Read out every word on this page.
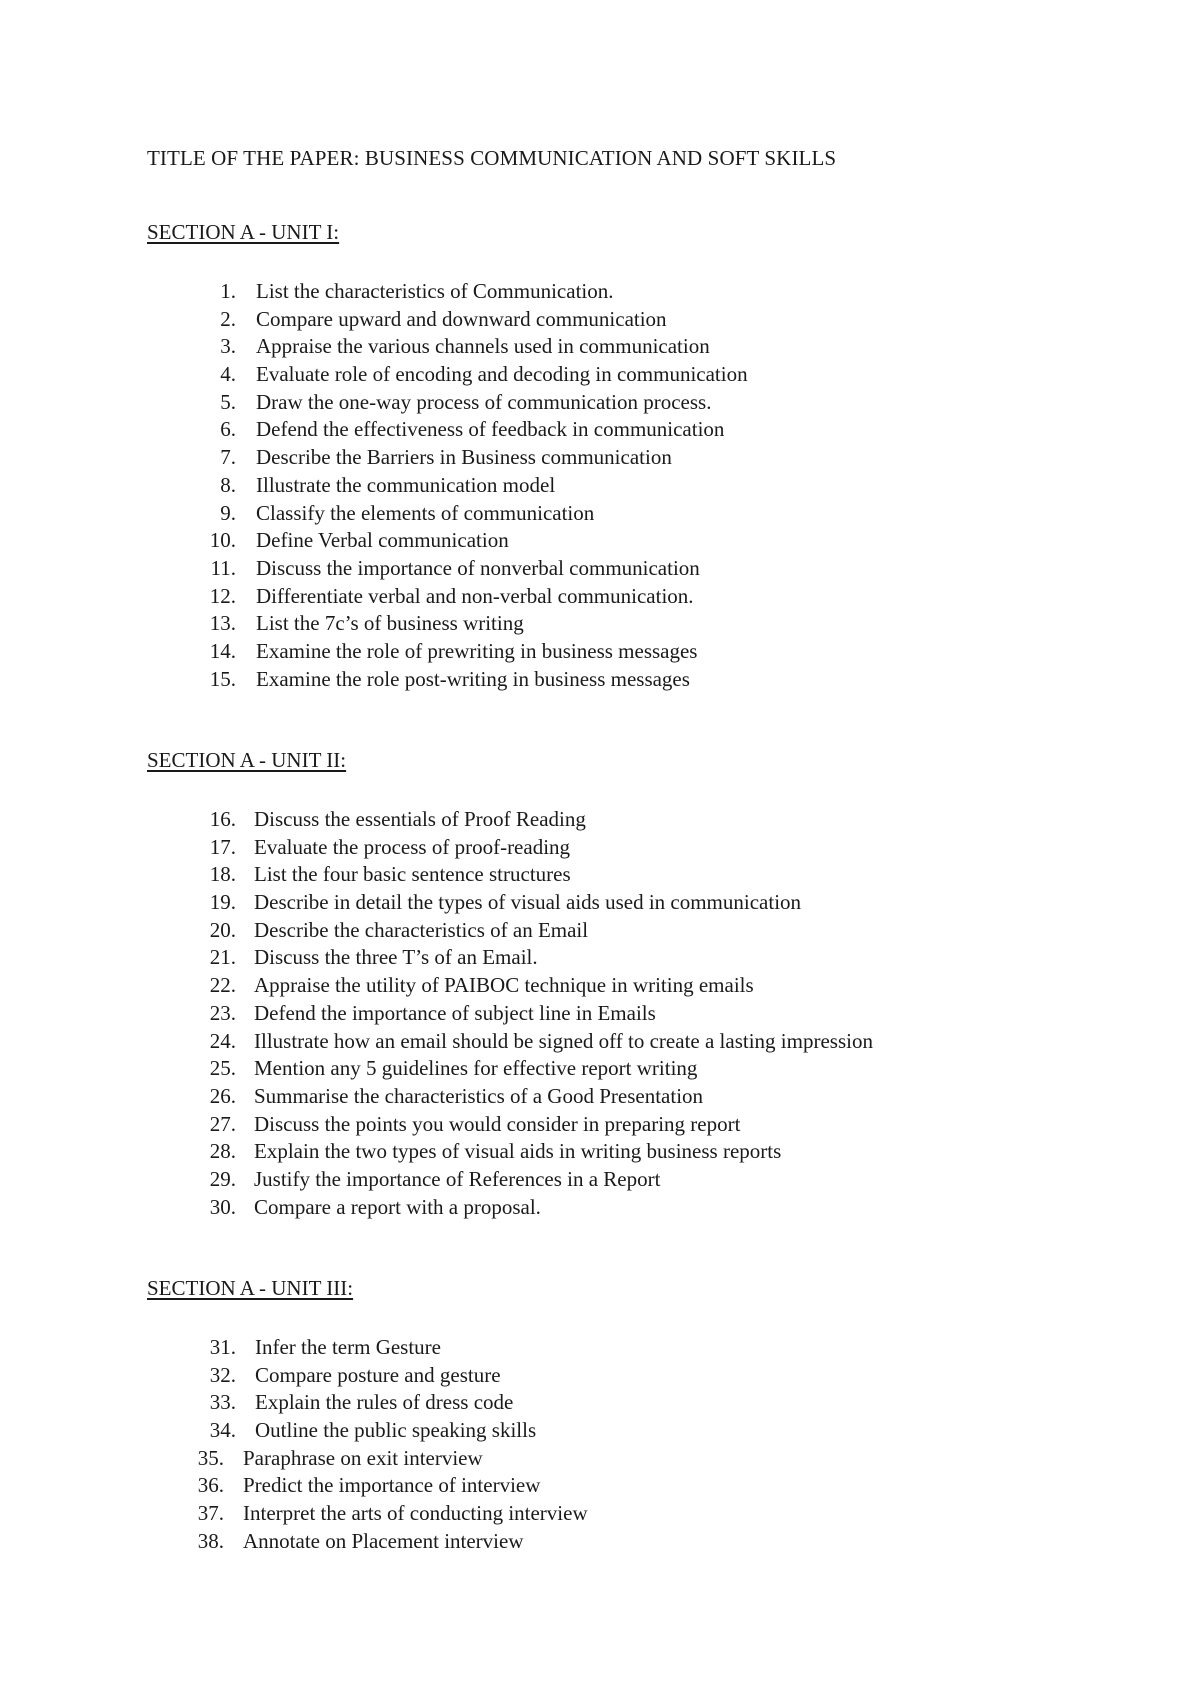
TITLE OF THE PAPER: BUSINESS COMMUNICATION AND SOFT SKILLS
SECTION A - UNIT I:
1. List the characteristics of Communication.
2. Compare upward and downward communication
3. Appraise the various channels used in communication
4. Evaluate role of encoding and decoding in communication
5. Draw the one-way process of communication process.
6. Defend the effectiveness of feedback in communication
7. Describe the Barriers in Business communication
8. Illustrate the communication model
9. Classify the elements of communication
10. Define Verbal communication
11. Discuss the importance of nonverbal communication
12. Differentiate verbal and non-verbal communication.
13. List the 7c’s of business writing
14. Examine the role of prewriting in business messages
15. Examine the role post-writing in business messages
SECTION A - UNIT II:
16. Discuss the essentials of Proof Reading
17. Evaluate the process of proof-reading
18. List the four basic sentence structures
19. Describe in detail the types of visual aids used in communication
20. Describe the characteristics of an Email
21. Discuss the three T’s of an Email.
22. Appraise the utility of PAIBOC technique in writing emails
23. Defend the importance of subject line in Emails
24. Illustrate how an email should be signed off to create a lasting impression
25. Mention any 5 guidelines for effective report writing
26. Summarise the characteristics of a Good Presentation
27. Discuss the points you would consider in preparing report
28. Explain the two types of visual aids in writing business reports
29. Justify the importance of References in a Report
30. Compare a report with a proposal.
SECTION A - UNIT III:
31. Infer the term Gesture
32. Compare posture and gesture
33. Explain the rules of dress code
34. Outline the public speaking skills
35. Paraphrase on exit interview
36. Predict the importance of interview
37. Interpret the arts of conducting interview
38. Annotate on Placement interview
